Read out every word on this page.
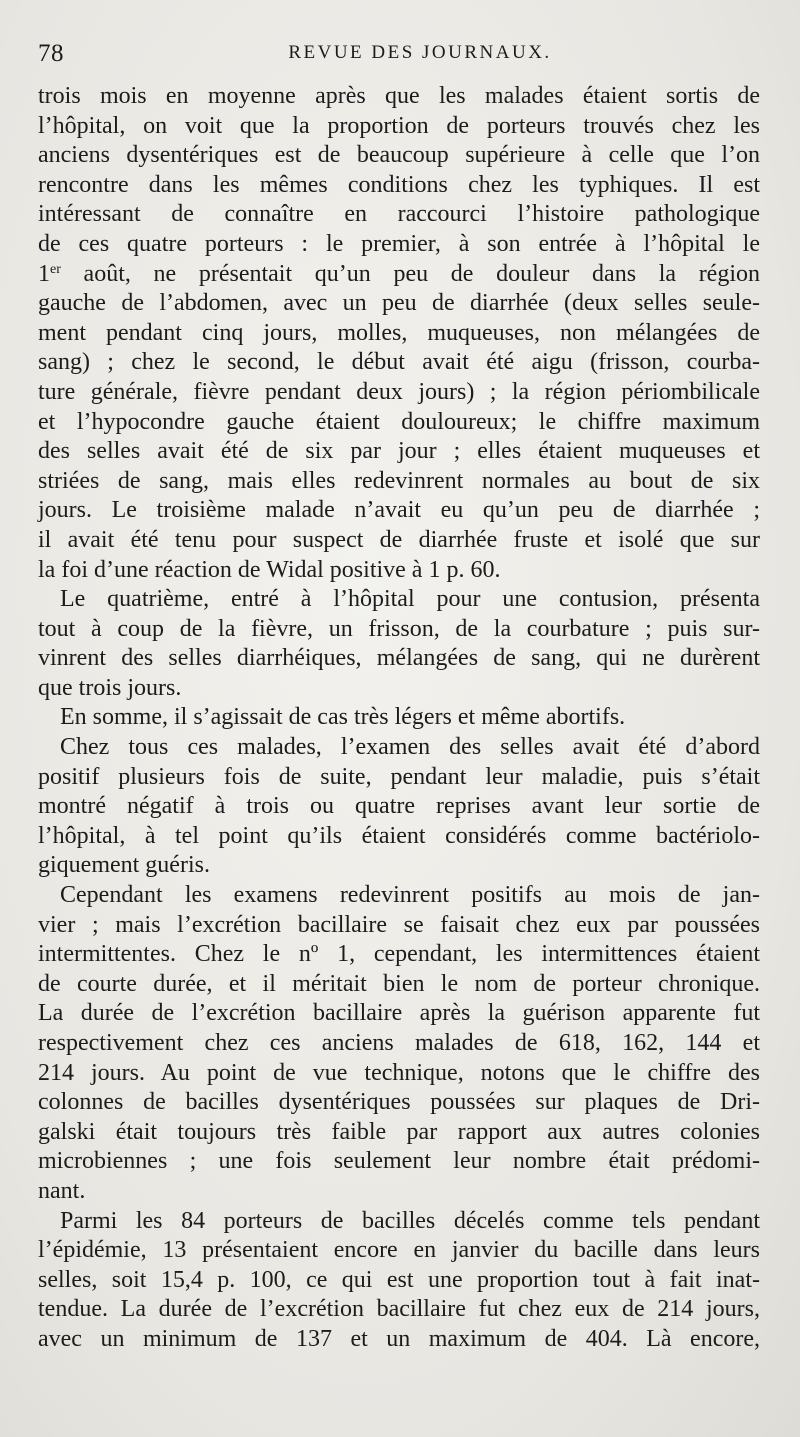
78	REVUE DES JOURNAUX.
trois mois en moyenne après que les malades étaient sortis de
l’hôpital, on voit que la proportion de porteurs trouvés chez les
anciens dysentériques est de beaucoup supérieure à celle que l’on
rencontre dans les mêmes conditions chez les typhiques. Il est
intéressant de connaître en raccourci l’histoire pathologique
de ces quatre porteurs : le premier, à son entrée à l’hôpital le
1er août, ne présentait qu’un peu de douleur dans la région
gauche de l’abdomen, avec un peu de diarrhée (deux selles seule-
ment pendant cinq jours, molles, muqueuses, non mélangées de
sang) ; chez le second, le début avait été aigu (frisson, courba-
ture générale, fièvre pendant deux jours) ; la région périombilicale
et l’hypocondre gauche étaient douloureux; le chiffre maximum
des selles avait été de six par jour ; elles étaient muqueuses et
striées de sang, mais elles redevinrent normales au bout de six
jours. Le troisième malade n’avait eu qu’un peu de diarrhée ;
il avait été tenu pour suspect de diarrhée fruste et isolé que sur
la foi d’une réaction de Widal positive à 1 p. 60.
Le quatrième, entré à l’hôpital pour une contusion, présenta
tout à coup de la fièvre, un frisson, de la courbature ; puis sur-
vinrent des selles diarrhéiques, mélangées de sang, qui ne durèrent
que trois jours.
En somme, il s’agissait de cas très légers et même abortifs.
Chez tous ces malades, l’examen des selles avait été d’abord
positif plusieurs fois de suite, pendant leur maladie, puis s’était
montré négatif à trois ou quatre reprises avant leur sortie de
l’hôpital, à tel point qu’ils étaient considérés comme bactériolo-
giquement guéris.
Cependant les examens redevinrent positifs au mois de jan-
vier ; mais l’excrétion bacillaire se faisait chez eux par poussées
intermittentes. Chez le nº 1, cependant, les intermittences étaient
de courte durée, et il méritait bien le nom de porteur chronique.
La durée de l’excrétion bacillaire après la guérison apparente fut
respectivement chez ces anciens malades de 618, 162, 144 et
214 jours. Au point de vue technique, notons que le chiffre des
colonnes de bacilles dysentériques poussées sur plaques de Dri-
galski était toujours très faible par rapport aux autres colonies
microbiennes ; une fois seulement leur nombre était prédomi-
nant.
Parmi les 84 porteurs de bacilles décelés comme tels pendant
l’épidémie, 13 présentaient encore en janvier du bacille dans leurs
selles, soit 15,4 p. 100, ce qui est une proportion tout à fait inat-
tendue. La durée de l’excrétion bacillaire fut chez eux de 214 jours,
avec un minimum de 137 et un maximum de 404. Là encore,
